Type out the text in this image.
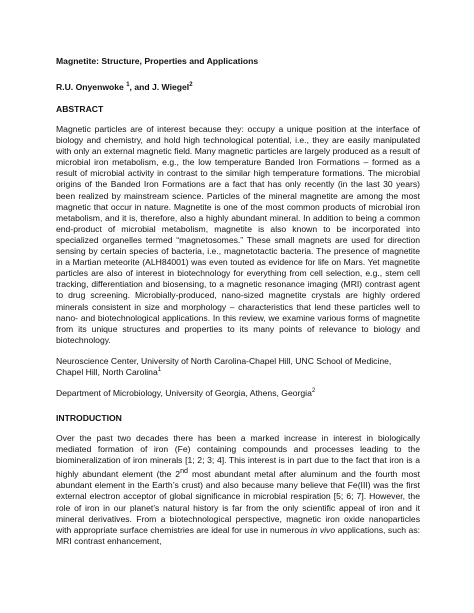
Magnetite: Structure, Properties and Applications
R.U. Onyenwoke $^1$, and J. Wiegel$^2$
ABSTRACT
Magnetic particles are of interest because they: occupy a unique position at the interface of biology and chemistry, and hold high technological potential, i.e., they are easily manipulated with only an external magnetic field. Many magnetic particles are largely produced as a result of microbial iron metabolism, e.g., the low temperature Banded Iron Formations – formed as a result of microbial activity in contrast to the similar high temperature formations. The microbial origins of the Banded Iron Formations are a fact that has only recently (in the last 30 years) been realized by mainstream science. Particles of the mineral magnetite are among the most magnetic that occur in nature. Magnetite is one of the most common products of microbial iron metabolism, and it is, therefore, also a highly abundant mineral. In addition to being a common end-product of microbial metabolism, magnetite is also known to be incorporated into specialized organelles termed “magnetosomes.” These small magnets are used for direction sensing by certain species of bacteria, i.e., magnetotactic bacteria. The presence of magnetite in a Martian meteorite (ALH84001) was even touted as evidence for life on Mars. Yet magnetite particles are also of interest in biotechnology for everything from cell selection, e.g., stem cell tracking, differentiation and biosensing, to a magnetic resonance imaging (MRI) contrast agent to drug screening. Microbially-produced, nano-sized magnetite crystals are highly ordered minerals consistent in size and morphology – characteristics that lend these particles well to nano- and biotechnological applications. In this review, we examine various forms of magnetite from its unique structures and properties to its many points of relevance to biology and biotechnology.
Neuroscience Center, University of North Carolina-Chapel Hill, UNC School of Medicine, Chapel Hill, North Carolina$^1$
Department of Microbiology, University of Georgia, Athens, Georgia$^2$
INTRODUCTION
Over the past two decades there has been a marked increase in interest in biologically mediated formation of iron (Fe) containing compounds and processes leading to the biomineralization of iron minerals [1; 2; 3; 4]. This interest is in part due to the fact that iron is a highly abundant element (the 2nd most abundant metal after aluminum and the fourth most abundant element in the Earth’s crust) and also because many believe that Fe(III) was the first external electron acceptor of global significance in microbial respiration [5; 6; 7]. However, the role of iron in our planet’s natural history is far from the only scientific appeal of iron and it mineral derivatives. From a biotechnological perspective, magnetic iron oxide nanoparticles with appropriate surface chemistries are ideal for use in numerous in vivo applications, such as: MRI contrast enhancement,
